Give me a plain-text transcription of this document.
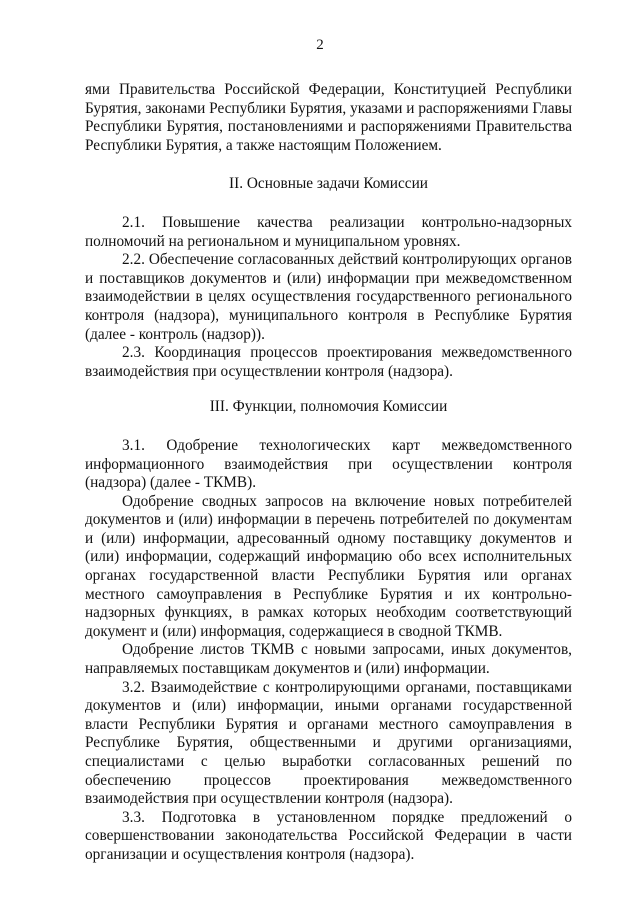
2

ями Правительства Российской Федерации, Конституцией Республики Бурятия, законами Республики Бурятия, указами и распоряжениями Главы Республики Бурятия, постановлениями и распоряжениями Правительства Республики Бурятия, а также настоящим Положением.

II. Основные задачи Комиссии

2.1. Повышение качества реализации контрольно-надзорных полномочий на региональном и муниципальном уровнях.

2.2. Обеспечение согласованных действий контролирующих органов и поставщиков документов и (или) информации при межведомственном взаимодействии в целях осуществления государственного регионального контроля (надзора), муниципального контроля в Республике Бурятия (далее - контроль (надзор)).

2.3. Координация процессов проектирования межведомственного взаимодействия при осуществлении контроля (надзора).

III. Функции, полномочия Комиссии

3.1. Одобрение технологических карт межведомственного информационного взаимодействия при осуществлении контроля (надзора) (далее - ТКМВ).

Одобрение сводных запросов на включение новых потребителей документов и (или) информации в перечень потребителей по документам и (или) информации, адресованный одному поставщику документов и (или) информации, содержащий информацию обо всех исполнительных органах государственной власти Республики Бурятия или органах местного самоуправления в Республике Бурятия и их контрольно-надзорных функциях, в рамках которых необходим соответствующий документ и (или) информация, содержащиеся в сводной ТКМВ.

Одобрение листов ТКМВ с новыми запросами, иных документов, направляемых поставщикам документов и (или) информации.

3.2. Взаимодействие с контролирующими органами, поставщиками документов и (или) информации, иными органами государственной власти Республики Бурятия и органами местного самоуправления в Республике Бурятия, общественными и другими организациями, специалистами с целью выработки согласованных решений по обеспечению процессов проектирования межведомственного взаимодействия при осуществлении контроля (надзора).

3.3. Подготовка в установленном порядке предложений о совершенствовании законодательства Российской Федерации в части организации и осуществления контроля (надзора).
